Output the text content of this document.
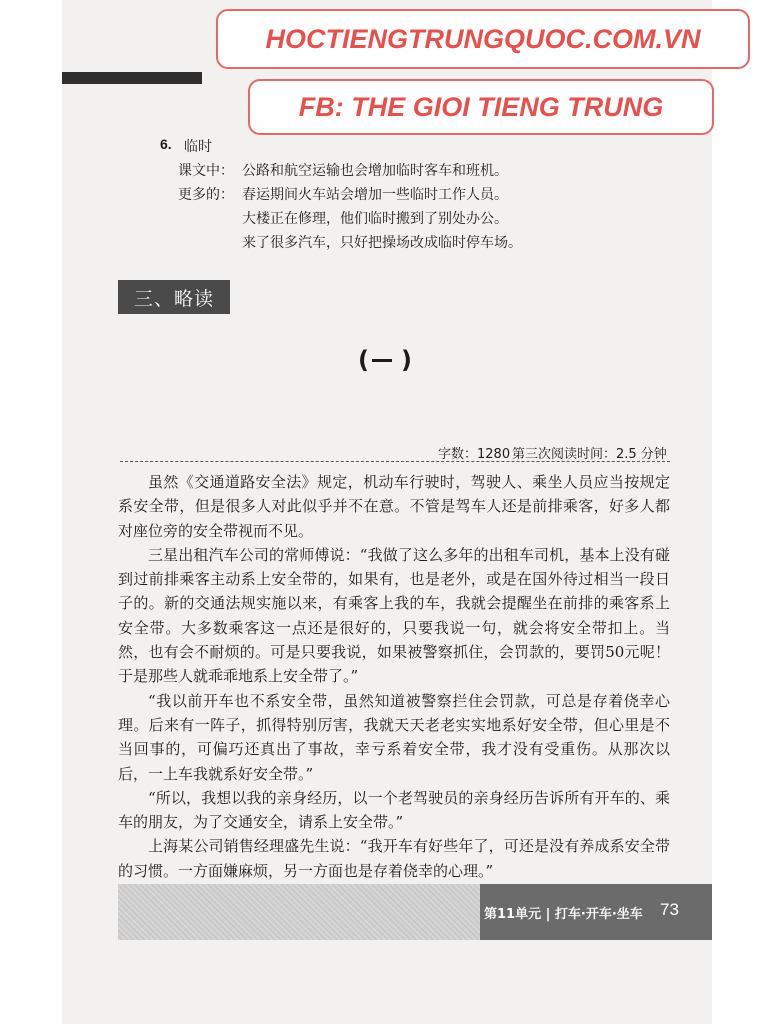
HOCTIENGTRUNGQUOC.COM.VN
FB: THE GIOI TIENG TRUNG
6. 临时
课文中： 公路和航空运输也会增加临时客车和班机。
更多的： 春运期间火车站会增加一些临时工作人员。
大楼正在修理，他们临时搬到了别处办公。
来了很多汽车，只好把操场改成临时停车场。
三、略读
( )
字数：1280 第三次阅读时间：2.5 分钟

虽然《交通道路安全法》规定，机动车行驶时，驾驶人、乘坐人员应当按规定系安全带，但是很多人对此似乎并不在意。不管是驾车人还是前排乘客，好多人都对座位旁的安全带视而不见。

三星出租汽车公司的常师傅说：“我做了这么多年的出租车司机，基本上没有碰到过前排乘客主动系上安全带的，如果有，也是老外，或是在国外待过相当一段日子的。新的交通法规实施以来，有乘客上我的车，我就会提醒坐在前排的乘客系上安全带。大多数乘客这一点还是很好的，只要我说一句，就会将安全带扣上。当然，也有会不耐烦的。可是只要我说，如果被警察抓住，会罚款的，要罚50元呢！于是那些人就乖乖地系上安全带了。”

“我以前开车也不系安全带，虽然知道被警察拦住会罚款，可总是存着侥幸心理。后来有一阵子，抓得特别厉害，我就天天老老实实地系好安全带，但心里是不当回事的，可偏巧还真出了事故，幸亏系着安全带，我才没有受重伤。从那次以后，一上车我就系好安全带。”

“所以，我想以我的亲身经历，以一个老驾驶员的亲身经历告诉所有开车的、乘车的朋友，为了交通安全，请系上安全带。”

上海某公司销售经理盛先生说：“我开车有好些年了，可还是没有养成系安全带的习惯。一方面嫌麻烦，另一方面也是存着侥幸的心理。”

第11单元 | 打车·开车·坐车 73
